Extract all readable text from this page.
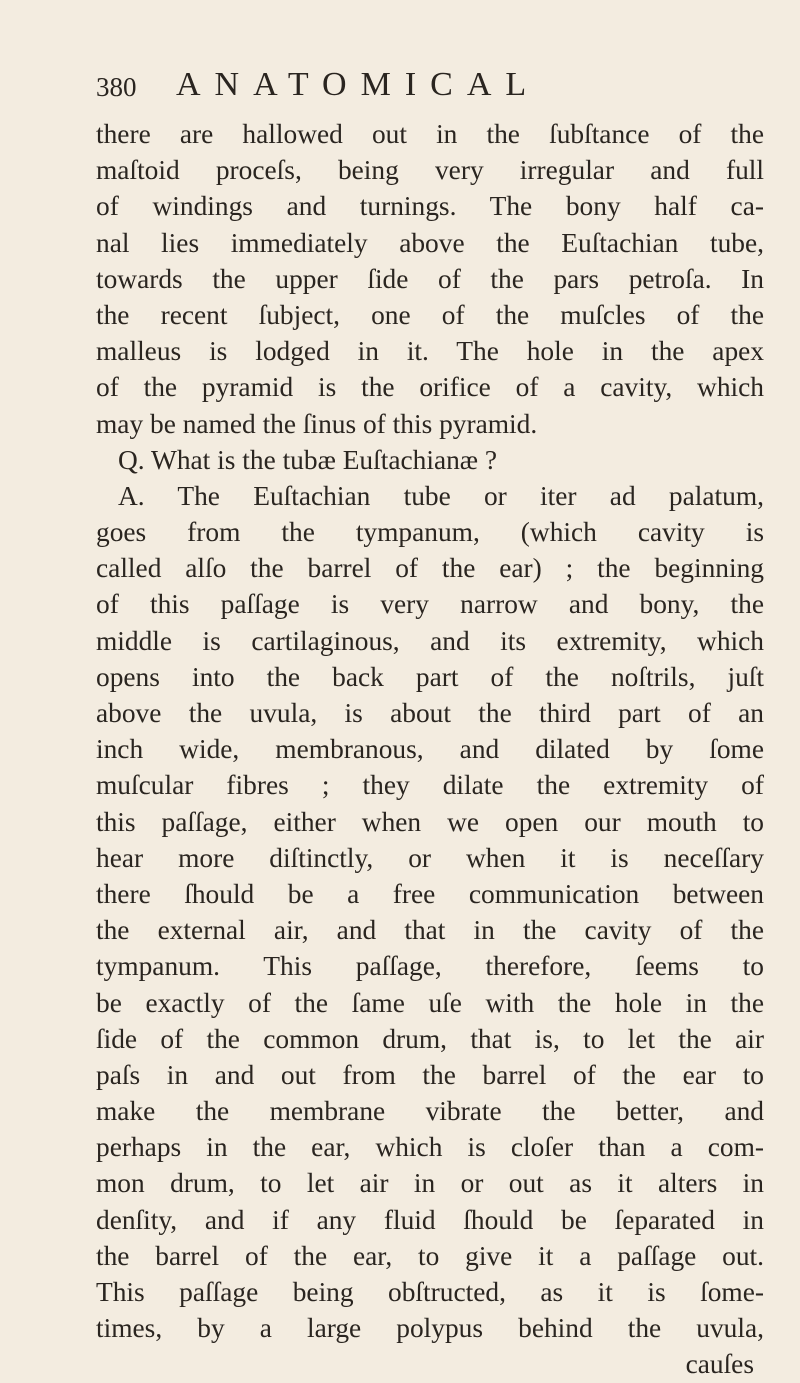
380 ANATOMICAL
there are hallowed out in the ſubſtance of the
maſtoid proceſs, being very irregular and full
of windings and turnings. The bony half ca-
nal lies immediately above the Euſtachian tube,
towards the upper ſide of the pars petroſa. In
the recent ſubject, one of the muſcles of the
malleus is lodged in it. The hole in the apex
of the pyramid is the orifice of a cavity, which
may be named the ſinus of this pyramid.
Q. What is the tubæ Euſtachianæ ?
A. The Euſtachian tube or iter ad palatum,
goes from the tympanum, (which cavity is
called alſo the barrel of the ear) ; the beginning
of this paſſage is very narrow and bony, the
middle is cartilaginous, and its extremity, which
opens into the back part of the noſtrils, juſt
above the uvula, is about the third part of an
inch wide, membranous, and dilated by ſome
muſcular fibres ; they dilate the extremity of
this paſſage, either when we open our mouth to
hear more diſtinctly, or when it is neceſſary
there ſhould be a free communication between
the external air, and that in the cavity of the
tympanum. This paſſage, therefore, ſeems to
be exactly of the ſame uſe with the hole in the
ſide of the common drum, that is, to let the air
paſs in and out from the barrel of the ear to
make the membrane vibrate the better, and
perhaps in the ear, which is cloſer than a com-
mon drum, to let air in or out as it alters in
denſity, and if any fluid ſhould be ſeparated in
the barrel of the ear, to give it a paſſage out.
This paſſage being obſtructed, as it is ſome-
times, by a large polypus behind the uvula,
cauſes
